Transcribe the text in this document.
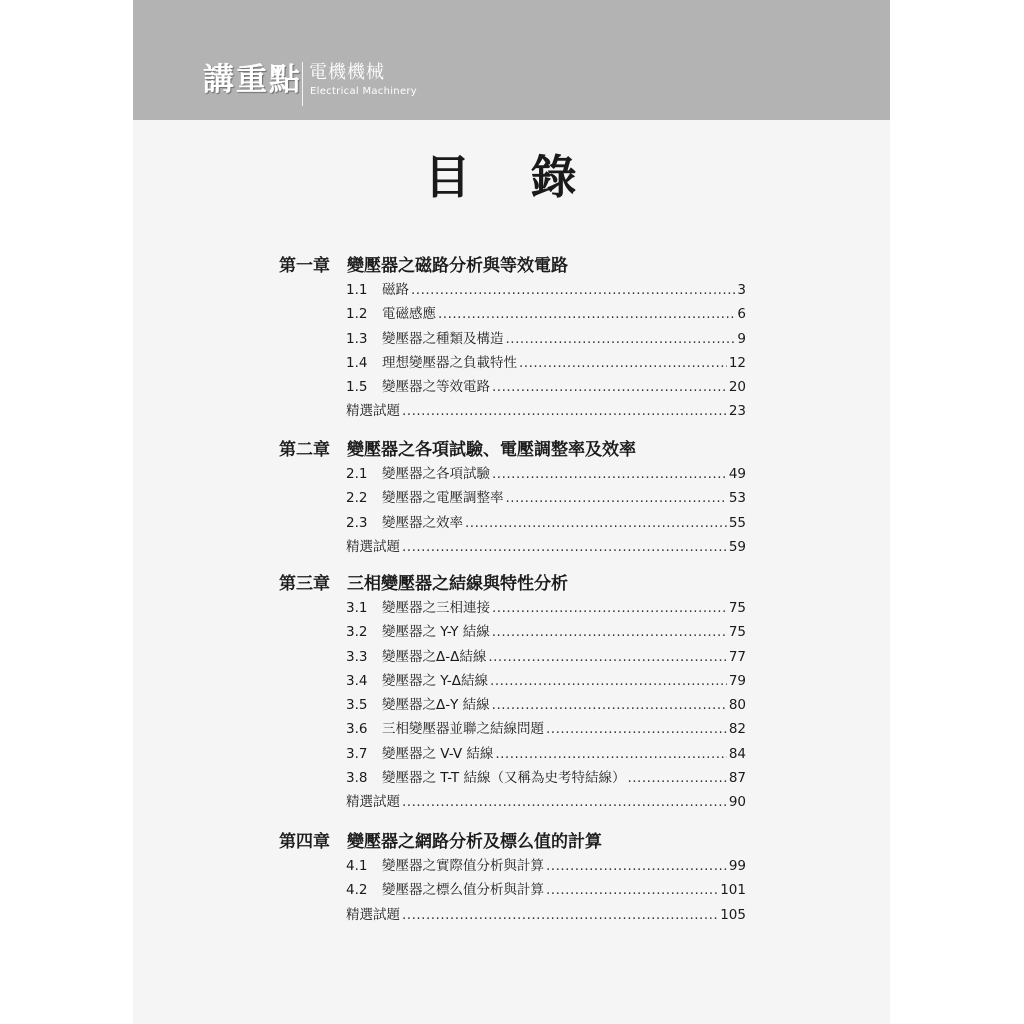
講重點 電機機械
Electrical Machinery
目 錄
第一章 變壓器之磁路分析與等效電路
1.1	磁路 .....	3
1.2	電磁感應 .....	6
1.3	變壓器之種類及構造 .....	9
1.4	理想變壓器之負載特性 .....	12
1.5	變壓器之等效電路 .....	20
精選試題 .....	23
第二章 變壓器之各項試驗、電壓調整率及效率
2.1	變壓器之各項試驗 .....	49
2.2	變壓器之電壓調整率 .....	53
2.3	變壓器之效率 .....	55
精選試題 .....	59
第三章 三相變壓器之結線與特性分析
3.1	變壓器之三相連接 .....	75
3.2	變壓器之 Y-Y 結線 .....	75
3.3	變壓器之Δ-Δ結線 .....	77
3.4	變壓器之 Y-Δ結線 .....	79
3.5	變壓器之Δ-Y 結線 .....	80
3.6	三相變壓器並聯之結線問題 .....	82
3.7	變壓器之 V-V 結線 .....	84
3.8	變壓器之 T-T 結線（又稱為史考特結線） .....	87
精選試題 .....	90
第四章 變壓器之網路分析及標么值的計算
4.1	變壓器之實際值分析與計算 .....	99
4.2	變壓器之標么值分析與計算 .....	101
精選試題 .....	105
